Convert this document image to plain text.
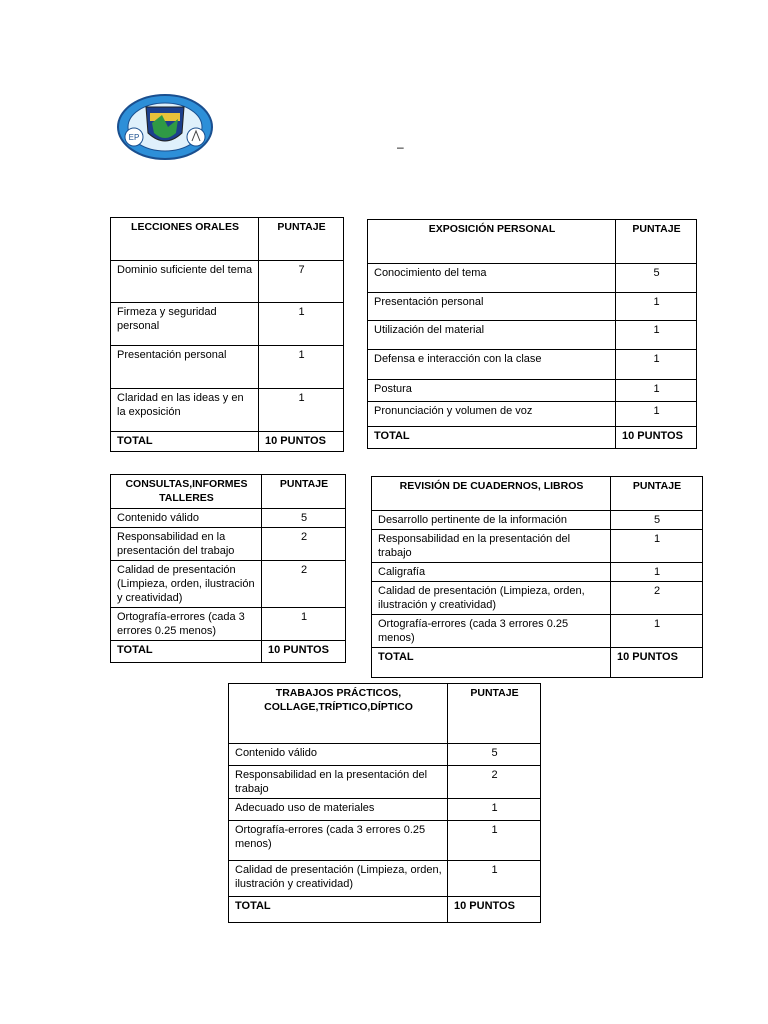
EP
–
LECCIONES ORALES	PUNTAJE
Dominio suficiente del tema	7
Firmeza y seguridad personal	1
Presentación personal	1
Claridad en las ideas y en la exposición	1
TOTAL	10 PUNTOS
EXPOSICIÓN PERSONAL	PUNTAJE
Conocimiento del tema	5
Presentación personal	1
Utilización del material	1
Defensa e interacción con la clase	1
Postura	1
Pronunciación y volumen de voz	1
TOTAL	10 PUNTOS
CONSULTAS,INFORMES TALLERES	PUNTAJE
Contenido válido	5
Responsabilidad en la presentación del trabajo	2
Calidad de presentación (Limpieza, orden, ilustración y creatividad)	2
Ortografía-errores (cada 3 errores 0.25 menos)	1
TOTAL	10 PUNTOS
REVISIÓN DE CUADERNOS, LIBROS	PUNTAJE
Desarrollo pertinente de la información	5
Responsabilidad en la presentación del trabajo	1
Caligrafía	1
Calidad de presentación (Limpieza, orden, ilustración y creatividad)	2
Ortografía-errores (cada 3 errores 0.25 menos)	1
TOTAL	10 PUNTOS
TRABAJOS PRÁCTICOS, COLLAGE,TRÍPTICO,DÍPTICO	PUNTAJE
Contenido válido	5
Responsabilidad en la presentación del trabajo	2
Adecuado uso de materiales	1
Ortografía-errores (cada 3 errores 0.25 menos)	1
Calidad de presentación (Limpieza, orden, ilustración y creatividad)	1
TOTAL	10 PUNTOS
